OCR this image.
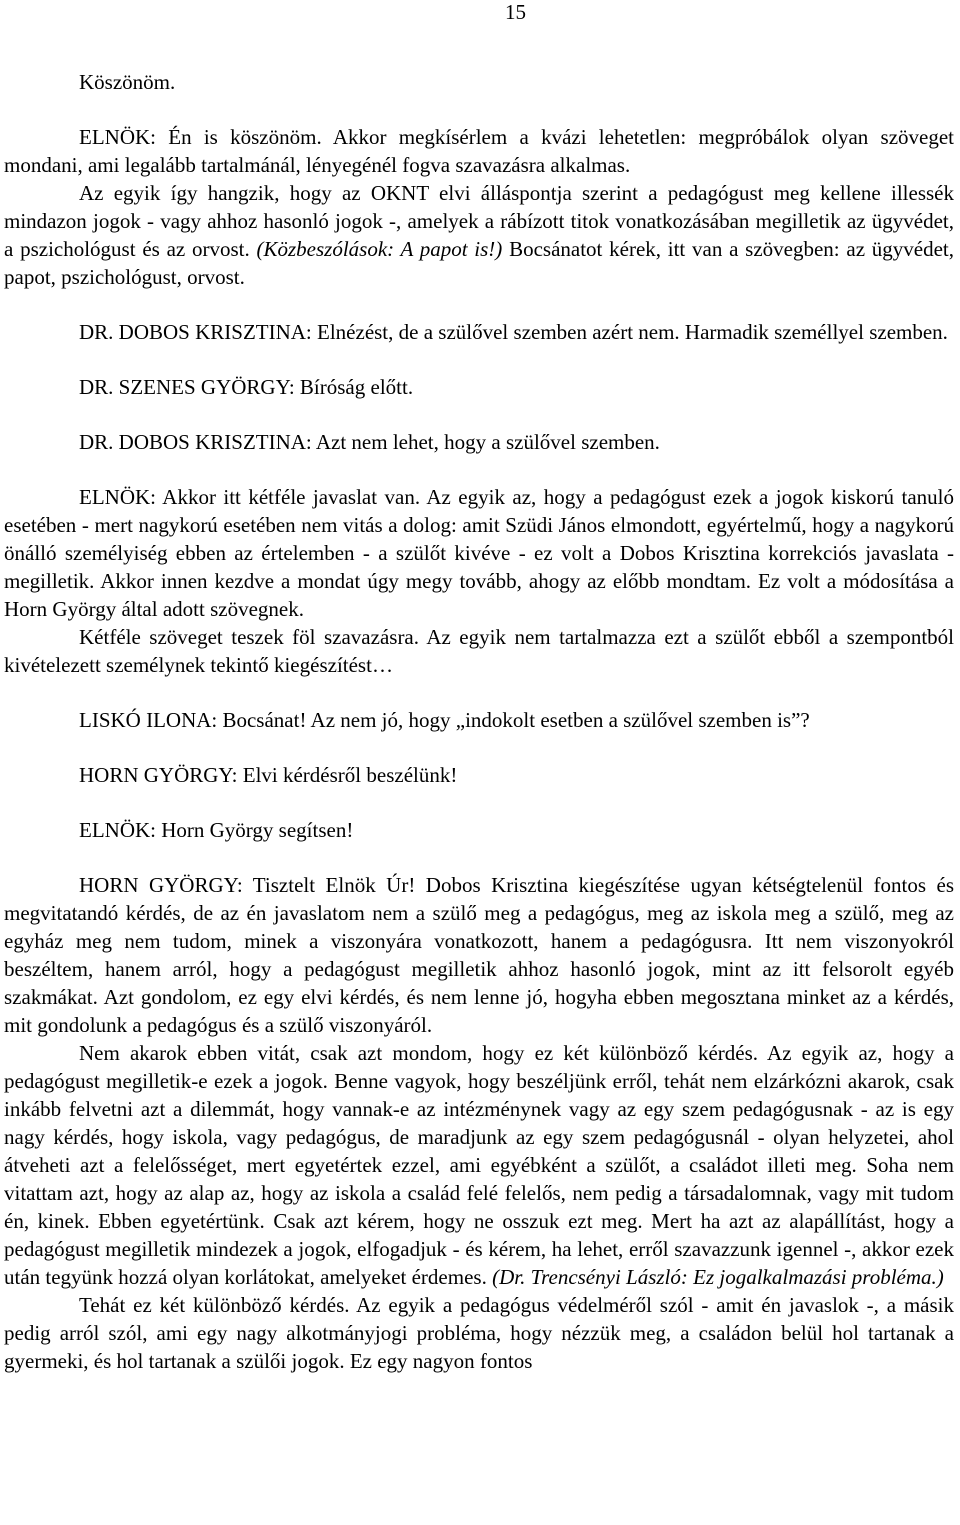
15

Köszönöm.

ELNÖK: Én is köszönöm. Akkor megkísérlem a kvázi lehetetlen: megpróbálok olyan szöveget mondani, ami legalább tartalmánál, lényegénél fogva szavazásra alkalmas.

Az egyik így hangzik, hogy az OKNT elvi álláspontja szerint a pedagógust meg kellene illessék mindazon jogok - vagy ahhoz hasonló jogok -, amelyek a rábízott titok vonatkozásában megilletik az ügyvédet, a pszichológust és az orvost. (Közbeszólások: A papot is!) Bocsánatot kérek, itt van a szövegben: az ügyvédet, papot, pszichológust, orvost.

DR. DOBOS KRISZTINA: Elnézést, de a szülővel szemben azért nem. Harmadik személlyel szemben.

DR. SZENES GYÖRGY: Bíróság előtt.

DR. DOBOS KRISZTINA: Azt nem lehet, hogy a szülővel szemben.

ELNÖK: Akkor itt kétféle javaslat van. Az egyik az, hogy a pedagógust ezek a jogok kiskorú tanuló esetében - mert nagykorú esetében nem vitás a dolog: amit Szüdi János elmondott, egyértelmű, hogy a nagykorú önálló személyiség ebben az értelemben - a szülőt kivéve - ez volt a Dobos Krisztina korrekciós javaslata - megilletik. Akkor innen kezdve a mondat úgy megy tovább, ahogy az előbb mondtam. Ez volt a módosítása a Horn György által adott szövegnek.

Kétféle szöveget teszek föl szavazásra. Az egyik nem tartalmazza ezt a szülőt ebből a szempontból kivételezett személynek tekintő kiegészítést…

LISKÓ ILONA: Bocsánat! Az nem jó, hogy „indokolt esetben a szülővel szemben is”?

HORN GYÖRGY: Elvi kérdésről beszélünk!

ELNÖK: Horn György segítsen!

HORN GYÖRGY: Tisztelt Elnök Úr! Dobos Krisztina kiegészítése ugyan kétségtelenül fontos és megvitatandó kérdés, de az én javaslatom nem a szülő meg a pedagógus, meg az iskola meg a szülő, meg az egyház meg nem tudom, minek a viszonyára vonatkozott, hanem a pedagógusra. Itt nem viszonyokról beszéltem, hanem arról, hogy a pedagógust megilletik ahhoz hasonló jogok, mint az itt felsorolt egyéb szakmákat. Azt gondolom, ez egy elvi kérdés, és nem lenne jó, hogyha ebben megosztana minket az a kérdés, mit gondolunk a pedagógus és a szülő viszonyáról.

Nem akarok ebben vitát, csak azt mondom, hogy ez két különböző kérdés. Az egyik az, hogy a pedagógust megilletik-e ezek a jogok. Benne vagyok, hogy beszéljünk erről, tehát nem elzárkózni akarok, csak inkább felvetni azt a dilemmát, hogy vannak-e az intézménynek vagy az egy szem pedagógusnak - az is egy nagy kérdés, hogy iskola, vagy pedagógus, de maradjunk az egy szem pedagógusnál - olyan helyzetei, ahol átveheti azt a felelősséget, mert egyetértek ezzel, ami egyébként a szülőt, a családot illeti meg. Soha nem vitattam azt, hogy az alap az, hogy az iskola a család felé felelős, nem pedig a társadalomnak, vagy mit tudom én, kinek. Ebben egyetértünk. Csak azt kérem, hogy ne osszuk ezt meg. Mert ha azt az alapállítást, hogy a pedagógust megilletik mindezek a jogok, elfogadjuk - és kérem, ha lehet, erről szavazzunk igennel -, akkor ezek után tegyünk hozzá olyan korlátokat, amelyeket érdemes. (Dr. Trencsényi László: Ez jogalkalmazási probléma.)

Tehát ez két különböző kérdés. Az egyik a pedagógus védelméről szól - amit én javaslok -, a másik pedig arról szól, ami egy nagy alkotmányjogi probléma, hogy nézzük meg, a családon belül hol tartanak a gyermeki, és hol tartanak a szülői jogok. Ez egy nagyon fontos
